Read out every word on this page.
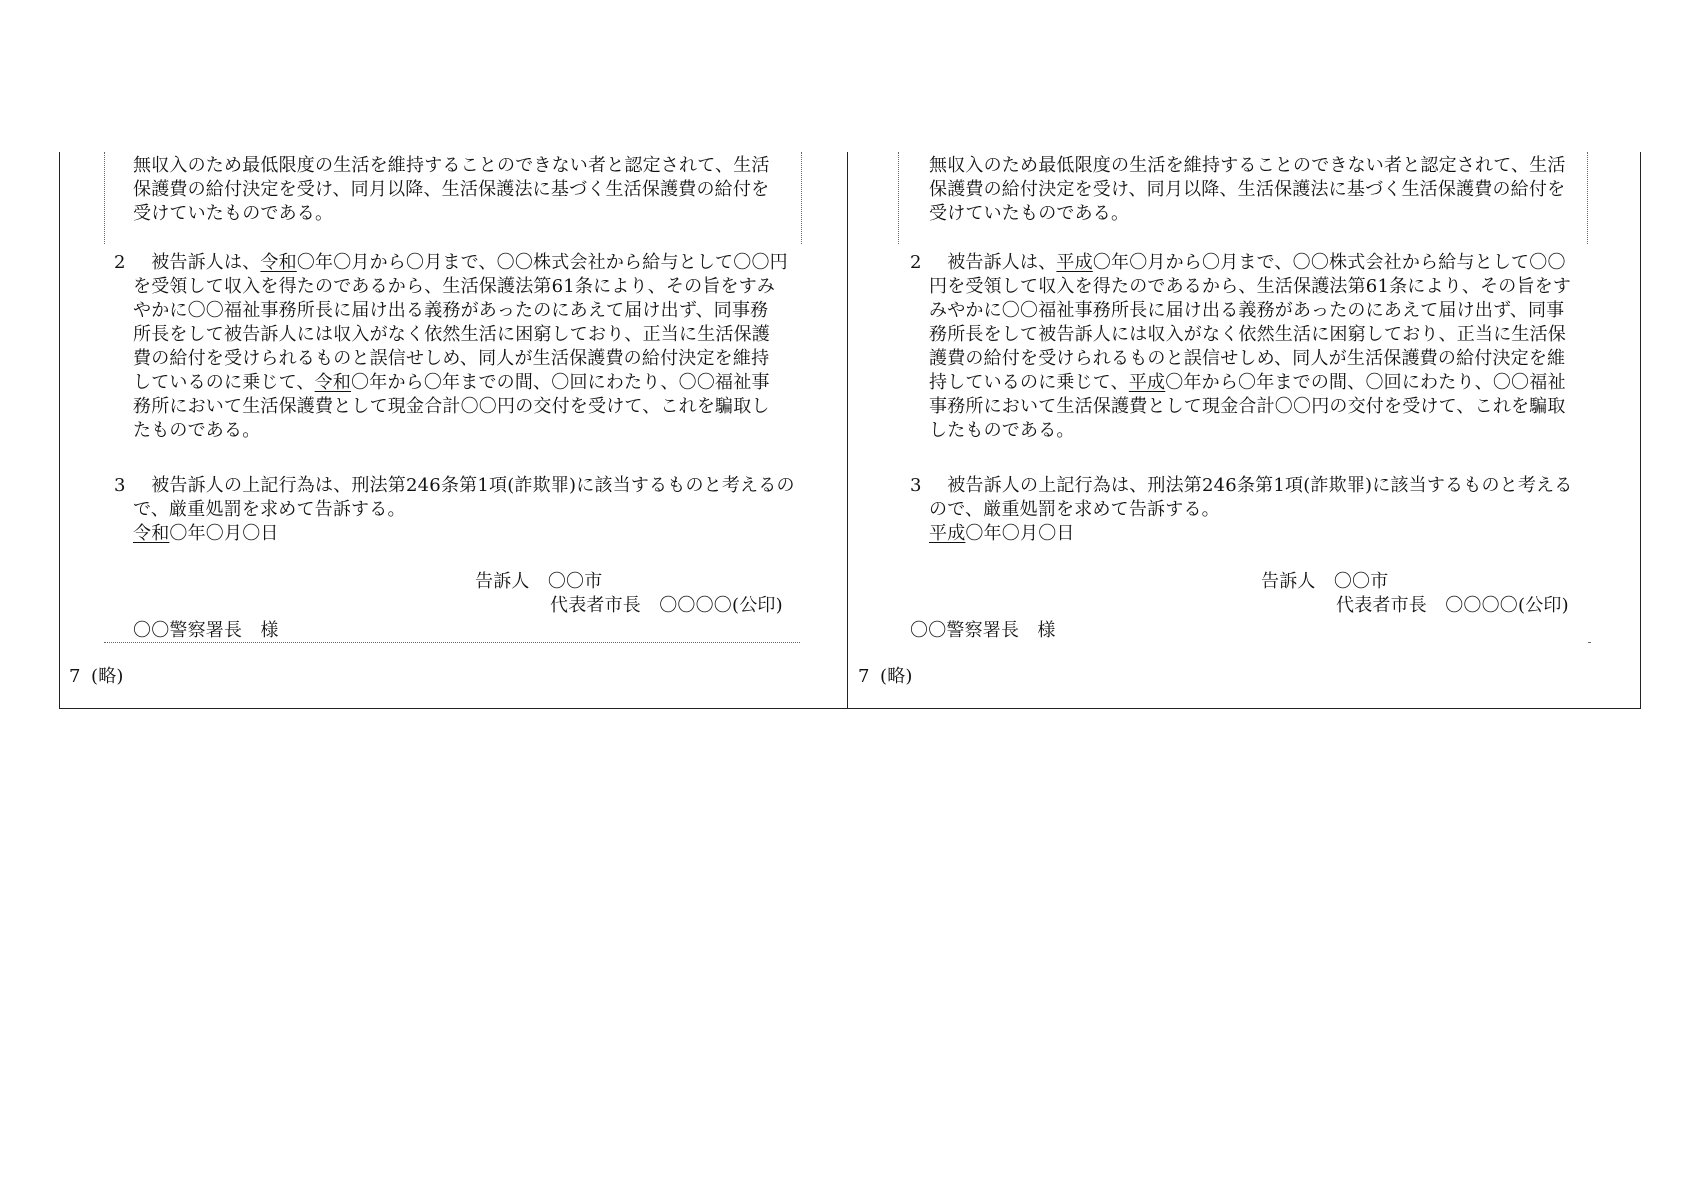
無収入のため最低限度の生活を維持することのできない者と認定されて、生活
保護費の給付決定を受け、同月以降、生活保護法に基づく生活保護費の給付を
受けていたものである。
2
　	被告訴人は、令和〇年〇月から〇月まで、〇〇株式会社から給与として〇〇円
を受領して収入を得たのであるから、生活保護法第61条により、その旨をすみ
やかに〇〇福祉事務所長に届け出る義務があったのにあえて届け出ず、同事務
所長をして被告訴人には収入がなく依然生活に困窮しており、正当に生活保護
費の給付を受けられるものと誤信せしめ、同人が生活保護費の給付決定を維持
しているのに乗じて、令和〇年から〇年までの間、〇回にわたり、〇〇福祉事
務所において生活保護費として現金合計〇〇円の交付を受けて、これを騙取し
たものである。
3
　	被告訴人の上記行為は、刑法第246条第1項(詐欺罪)に該当するものと考えるの
で、厳重処罰を求めて告訴する。
令和〇年〇月〇日
告訴人　 〇〇市
代表者市長　〇〇〇〇(公印)
〇〇警察署長　様
7 (略)
無収入のため最低限度の生活を維持することのできない者と認定されて、生活
保護費の給付決定を受け、同月以降、生活保護法に基づく生活保護費の給付を
受けていたものである。
2
　	被告訴人は、平成〇年〇月から〇月まで、〇〇株式会社から給与として〇〇
円を受領して収入を得たのであるから、生活保護法第61条により、その旨をす
みやかに〇〇福祉事務所長に届け出る義務があったのにあえて届け出ず、同事
務所長をして被告訴人には収入がなく依然生活に困窮しており、正当に生活保
護費の給付を受けられるものと誤信せしめ、同人が生活保護費の給付決定を維
持しているのに乗じて、平成〇年から〇年までの間、〇回にわたり、〇〇福祉
事務所において生活保護費として現金合計〇〇円の交付を受けて、これを騙取
したものである。
3
　	被告訴人の上記行為は、刑法第246条第1項(詐欺罪)に該当するものと考える
ので、厳重処罰を求めて告訴する。
平成〇年〇月〇日
告訴人　 〇〇市
代表者市長　〇〇〇〇(公印)
〇〇警察署長　様
7 (略)
